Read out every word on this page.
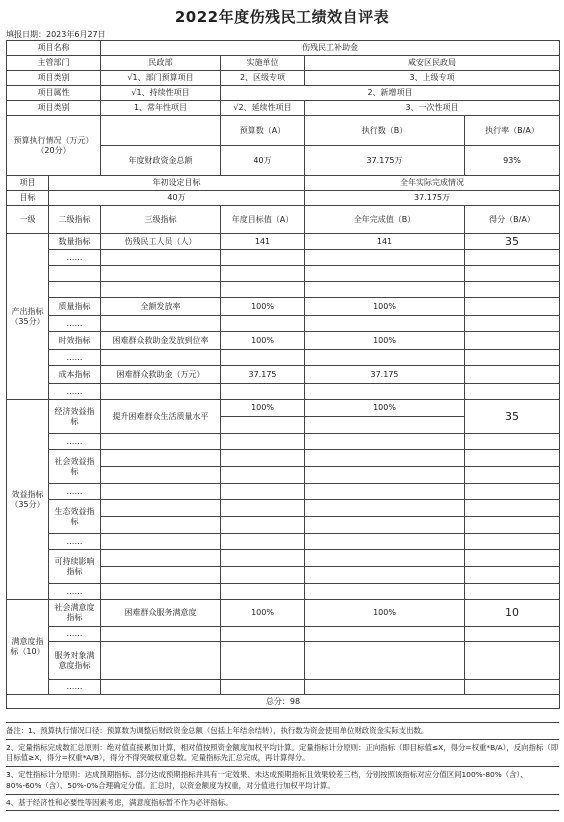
2022年度伤残民工绩效自评表
填报日期：2023年6月27日
项目名称		伤残民工补助金			
主管部门		民政部	实施单位	咸安区民政局	
项目类别		√1、部门预算项目	2、区级专项	3、上级专项	
项目属性		√1、持续性项目	2、新增项目		
项目类别		1、常年性项目	√2、延续性项目	3、一次性项目	
预算执行情况（万元）（20分）			预算数（A）	执行数（B）	执行率（B/A）
		年度财政资金总额	40万	37.175万	93%
项目	年初设定目标			全年实际完成情况	
目标	40万			37.175万	
一级	二级指标	三级指标	年度目标值（A）	全年完成值（B）	得分（B/A）
产出指标（35分）	数量指标	伤残民工人员（人）	141	141	35
	……				

	质量指标	全额发放率	100%	100%	
	……				
	时效指标	困难群众救助金发放到位率	100%	100%	
	……				
	成本指标	困难群众救助金（万元）	37.175	37.175	
	……				
效益指标（35分）	经济效益指标	提升困难群众生活质量水平	100%	100%	35

	……				
	社会效益指标				

	……				
	生态效益指标				

	……				
	可持续影响指标				

	……				
满意度指标（10）	社会满意度指标	困难群众服务满意度	100%	100%	10
	……				
	服务对象满意度指标				
	……				
总分：98					
备注：1、预算执行情况口径：预算数为调整后财政资金总额（包括上年结余结转），执行数为资金使用单位财政资金实际支出数。
2、定量指标完成数汇总原则：绝对值直接累加计算，相对值按照资金额度加权平均计算。定量指标计分原则：正向指标（即目标值≤X，得分=权重*B/A），反向指标（即目标值≥X，得分=权重*A/B），得分不得突破权重总数。定量指标先汇总完成，再计算得分。
3、定性指标计分原则：达成预期指标、部分达成预期指标并具有一定效果、未达成预期指标且效果较差三档，分别按照该指标对应分值区间100%-80%（含）、80%-60%（含）、50%-0%合理确定分值。汇总时，以资金额度为权重，对分值进行加权平均计算。
4、基于经济性和必要性等因素考虑，满意度指标暂不作为必评指标。
